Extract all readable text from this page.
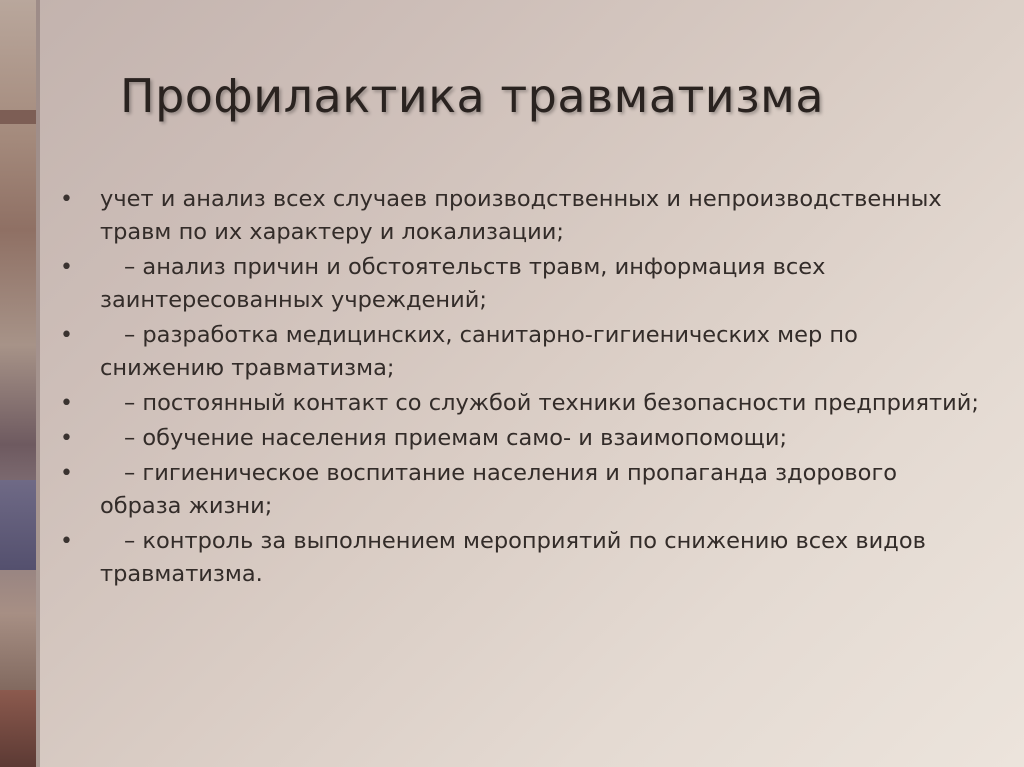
Профилактика травматизма
•	учет и анализ всех случаев производственных и непроизводственных травм по их характеру и локализации;
•	– анализ причин и обстоятельств травм, информация всех заинтересованных учреждений;
•	– разработка медицинских, санитарно-гигиенических мер по снижению травматизма;
•	– постоянный контакт со службой техники безопасности предприятий;
•	– обучение населения приемам само- и взаимопомощи;
•	– гигиеническое воспитание населения и пропаганда здорового образа жизни;
•	– контроль за выполнением мероприятий по снижению всех видов травматизма.
